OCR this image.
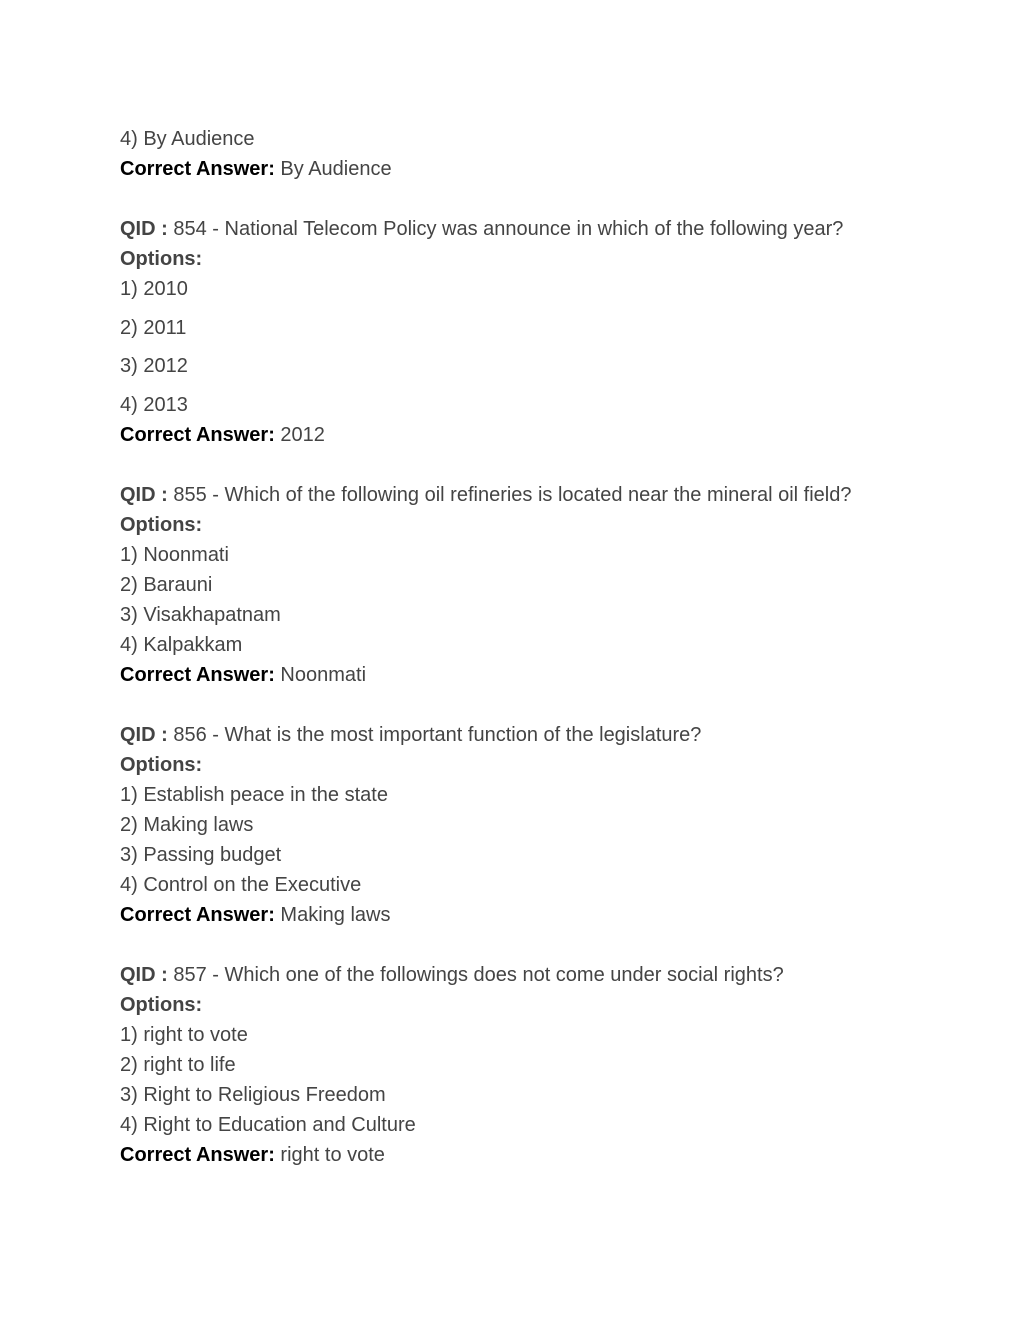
4) By Audience
Correct Answer: By Audience
QID : 854 - National Telecom Policy was announce in which of the following year?
Options:
1) 2010
2) 2011
3) 2012
4) 2013
Correct Answer: 2012
QID : 855 - Which of the following oil refineries is located near the mineral oil field?
Options:
1) Noonmati
2) Barauni
3) Visakhapatnam
4) Kalpakkam
Correct Answer: Noonmati
QID : 856 - What is the most important function of the legislature?
Options:
1) Establish peace in the state
2) Making laws
3) Passing budget
4) Control on the Executive
Correct Answer: Making laws
QID : 857 - Which one of the followings does not come under social rights?
Options:
1) right to vote
2) right to life
3) Right to Religious Freedom
4) Right to Education and Culture
Correct Answer: right to vote
